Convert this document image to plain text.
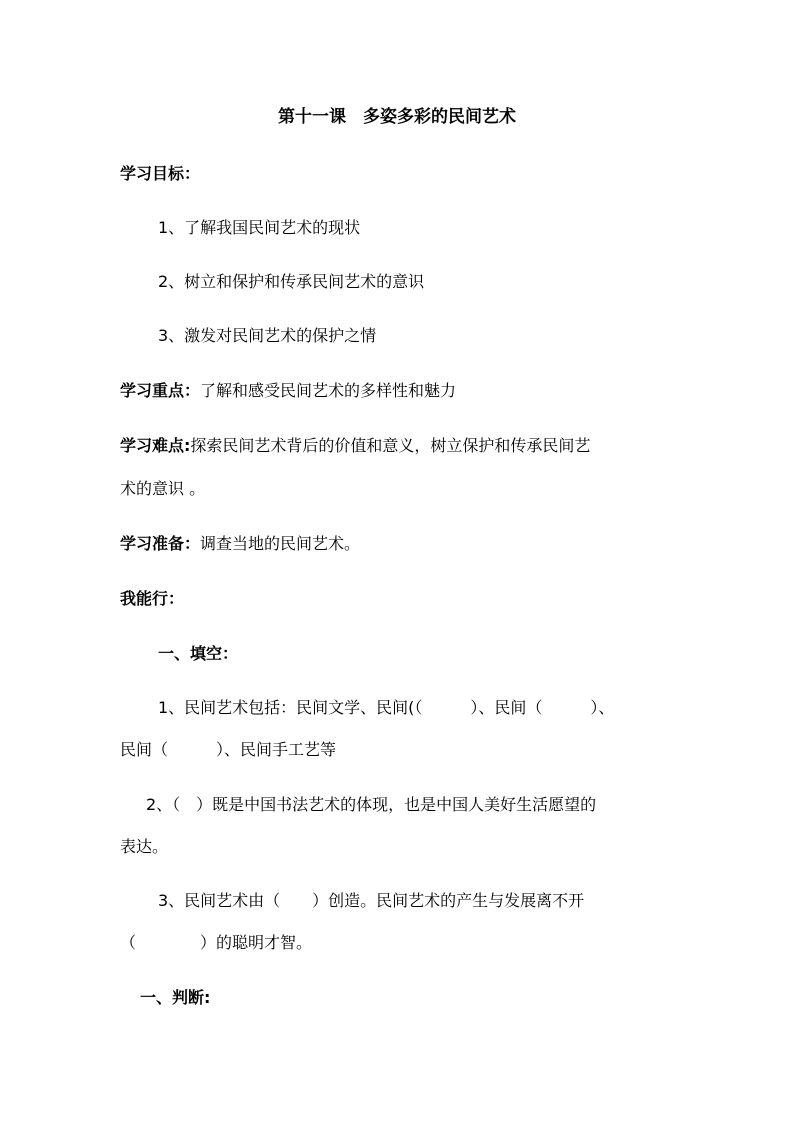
第十一课　多姿多彩的民间艺术
学习目标：
1、了解我国民间艺术的现状
2、树立和保护和传承民间艺术的意识
3、激发对民间艺术的保护之情
学习重点：了解和感受民间艺术的多样性和魅力
学习难点:探索民间艺术背后的价值和意义，树立保护和传承民间艺
术的意识 。
学习准备：调查当地的民间艺术。
我能行：
一、填空：
1、民间艺术包括：民间文学、民间(（　　　）、民间（　　　）、
民间（　　　）、民间手工艺等
2、（　）既是中国书法艺术的体现，也是中国人美好生活愿望的
表达。
3、民间艺术由（　　）创造。民间艺术的产生与发展离不开
（　　　　）的聪明才智。
一、判断:
